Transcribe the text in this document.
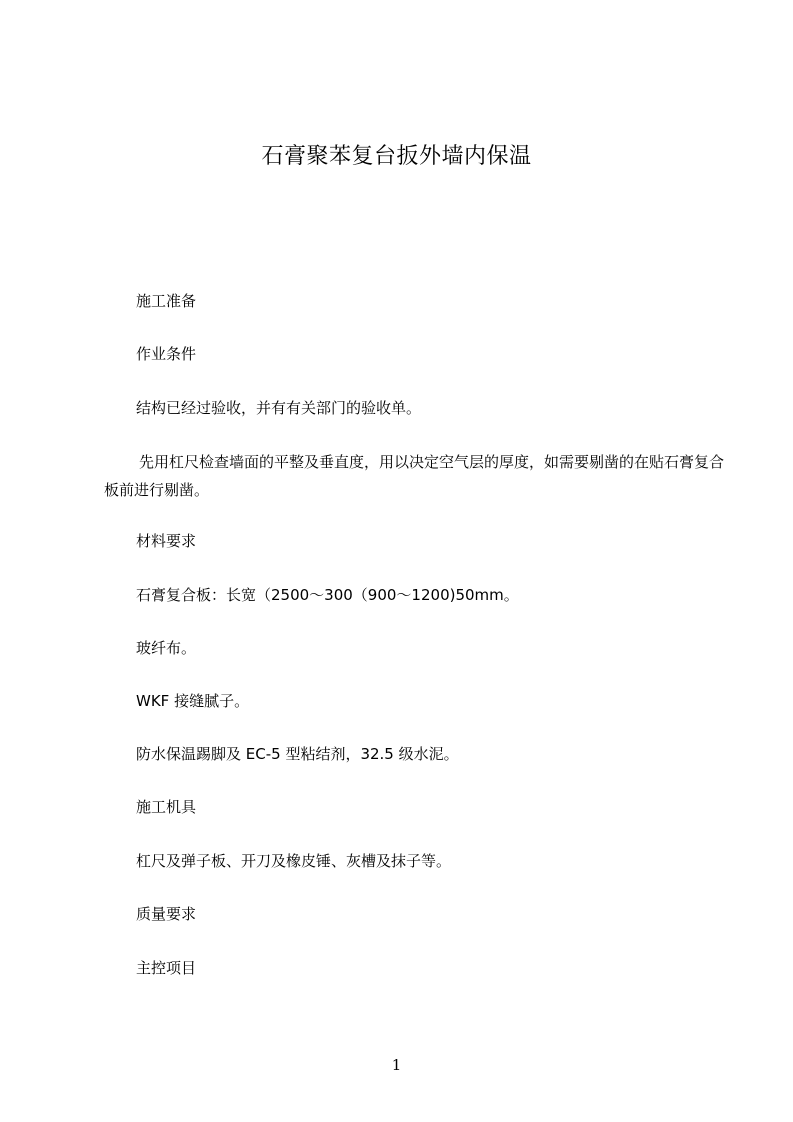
石膏聚苯复台扳外墙内保温
施工准备
作业条件
结构已经过验收，并有有关部门的验收单。
先用杠尺检查墙面的平整及垂直度，用以决定空气层的厚度，如需要剔凿的在贴石膏复合板前进行剔凿。
材料要求
石膏复合板：长宽（2500～300（900～1200)50mm。
玻纤布。
WKF 接缝腻子。
防水保温踢脚及 EC-5 型粘结剂，32.5 级水泥。
施工机具
杠尺及弹子板、开刀及橡皮锤、灰槽及抹子等。
质量要求
主控项目
1
